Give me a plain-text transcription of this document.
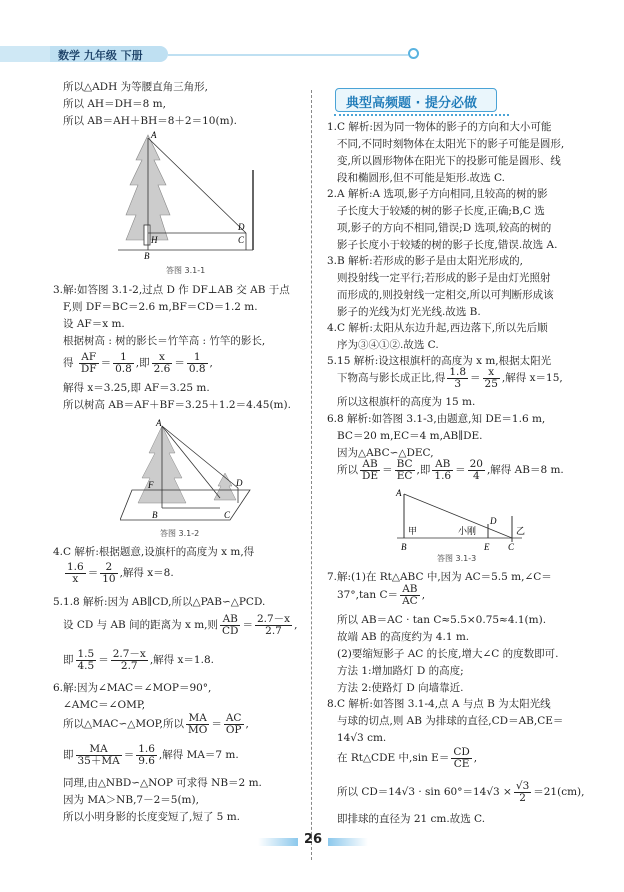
数学 九年级 下册
典型高频题 · 提分必做
所以△ADH 为等腰直角三角形,
所以 AH＝DH＝8 m,
所以 AB＝AH＋BH＝8＋2＝10(m).
A
H	C
D
B
答图 3.1-1
3.解:如答图 3.1-2,过点 D 作 DF⊥AB 交 AB 于点
F,则 DF＝BC＝2.6 m,BF＝CD＝1.2 m.
设 AF＝x m.
根据树高 : 树的影长＝竹竿高 : 竹竿的影长,
得 $\frac{AF}{DF} = \frac{1}{0.8}$ ,即 $\frac{x}{2.6} = \frac{1}{0.8}$ ,
解得 x＝3.25,即 AF＝3.25 m.
所以树高 AB＝AF＋BF＝3.25＋1.2＝4.45(m).
A
F	D
B	C
答图 3.1-2
4.C 解析:根据题意,设旗杆的高度为 x m,得
$\frac{1.6}{x} = \frac{2}{10}$ ,解得 x＝8.
5.1.8 解析:因为 AB∥CD,所以△PAB∽△PCD.
设 CD 与 AB 间的距离为 x m,则 $\frac{AB}{CD} = \frac{2.7-x}{2.7}$ ,
即 $\frac{1.5}{4.5} = \frac{2.7-x}{2.7}$ ,解得 x＝1.8.
6.解:因为∠MAC＝∠MOP＝90°,
∠AMC＝∠OMP,
所以△MAC∽△MOP,所以 $\frac{MA}{MO} = \frac{AC}{OP}$ ,
即 $\frac{MA}{35+MA} = \frac{1.6}{9.6}$ ,解得 MA＝7 m.
同理,由△NBD∽△NOP 可求得 NB＝2 m.
因为 MA＞NB,7－2＝5(m),
所以小明身影的长度变短了,短了 5 m.
1.C 解析:因为同一物体的影子的方向和大小可能
不同,不同时刻物体在太阳光下的影子可能是圆形,
变,所以圆形物体在阳光下的投影可能是圆形、线
段和椭圆形,但不可能是矩形.故选 C.
2.A 解析:A 选项,影子方向相同,且较高的树的影
子长度大于较矮的树的影子长度,正确;B,C 选
项,影子的方向不相同,错误;D 选项,较高的树的
影子长度小于较矮的树的影子长度,错误.故选 A.
3.B 解析:若形成的影子是由太阳光形成的,
则投射线一定平行;若形成的影子是由灯光照射
而形成的,则投射线一定相交,所以可判断形成该
影子的光线为灯光光线.故选 B.
4.C 解析:太阳从东边升起,西边落下,所以先后顺
序为③④①②.故选 C.
5.15 解析:设这根旗杆的高度为 x m,根据太阳光
下物高与影长成正比,得 $\frac{1.8}{3} = \frac{x}{25}$ ,解得 x＝15,
所以这根旗杆的高度为 15 m.
6.8 解析:如答图 3.1-3,由题意,知 DE＝1.6 m,
BC＝20 m,EC＝4 m,AB∥DE.
因为△ABC∽△DEC,
所以 $\frac{AB}{DE} = \frac{BC}{EC}$ ,即 $\frac{AB}{1.6} = \frac{20}{4}$ ,解得 AB＝8 m.
A
甲	小刚
D
B	E C
乙
答图 3.1-3
7.解:(1)在 Rt△ABC 中,因为 AC＝5.5 m,∠C＝
37°,tan $C= \frac{AB}{AC}$ ,
所以 AB＝AC · tan C≈5.5×0.75≈4.1(m).
故端 AB 的高度约为 4.1 m.
(2)要缩短影子 AC 的长度,增大∠C 的度数即可.
方法 1:增加路灯 D 的高度;
方法 2:使路灯 D 向墙靠近.
8.C 解析:如答图 3.1-4,点 A 与点 B 为太阳光线
与球的切点,则 AB 为排球的直径,CD＝AB,CE＝
14√3 cm.
在 Rt△CDE 中,sin $E= \frac{CD}{CE}$ ,
所以 $CD=14√3 \cdot \sin 60^\circ=14√3 \times \frac{√3}{2} =21(cm)$,
即排球的直径为 21 cm.故选 C.
26
